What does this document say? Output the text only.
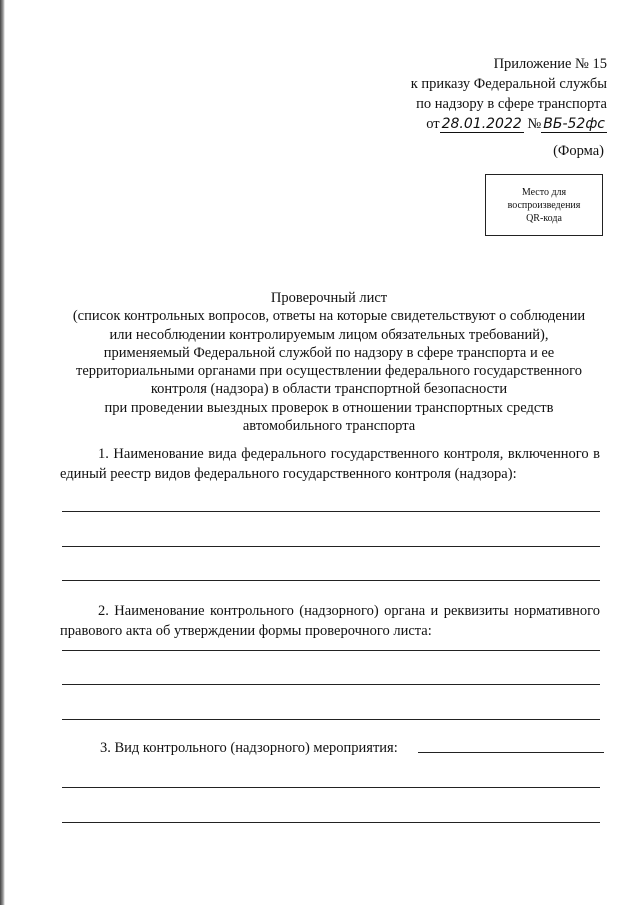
Приложение № 15
к приказу Федеральной службы
по надзору в сфере транспорта
от 28.01.2022 № ВБ-52фс
(Форма)
Место для
воспроизведения
QR-кода
Проверочный лист
(список контрольных вопросов, ответы на которые свидетельствуют о соблюдении
или несоблюдении контролируемым лицом обязательных требований),
применяемый Федеральной службой по надзору в сфере транспорта и ее
территориальными органами при осуществлении федерального государственного
контроля (надзора) в области транспортной безопасности
при проведении выездных проверок в отношении транспортных средств
автомобильного транспорта
1. Наименование вида федерального государственного контроля, включенного в единый реестр видов федерального государственного контроля (надзора):
2. Наименование контрольного (надзорного) органа и реквизиты нормативного правового акта об утверждении формы проверочного листа:
3. Вид контрольного (надзорного) мероприятия:
